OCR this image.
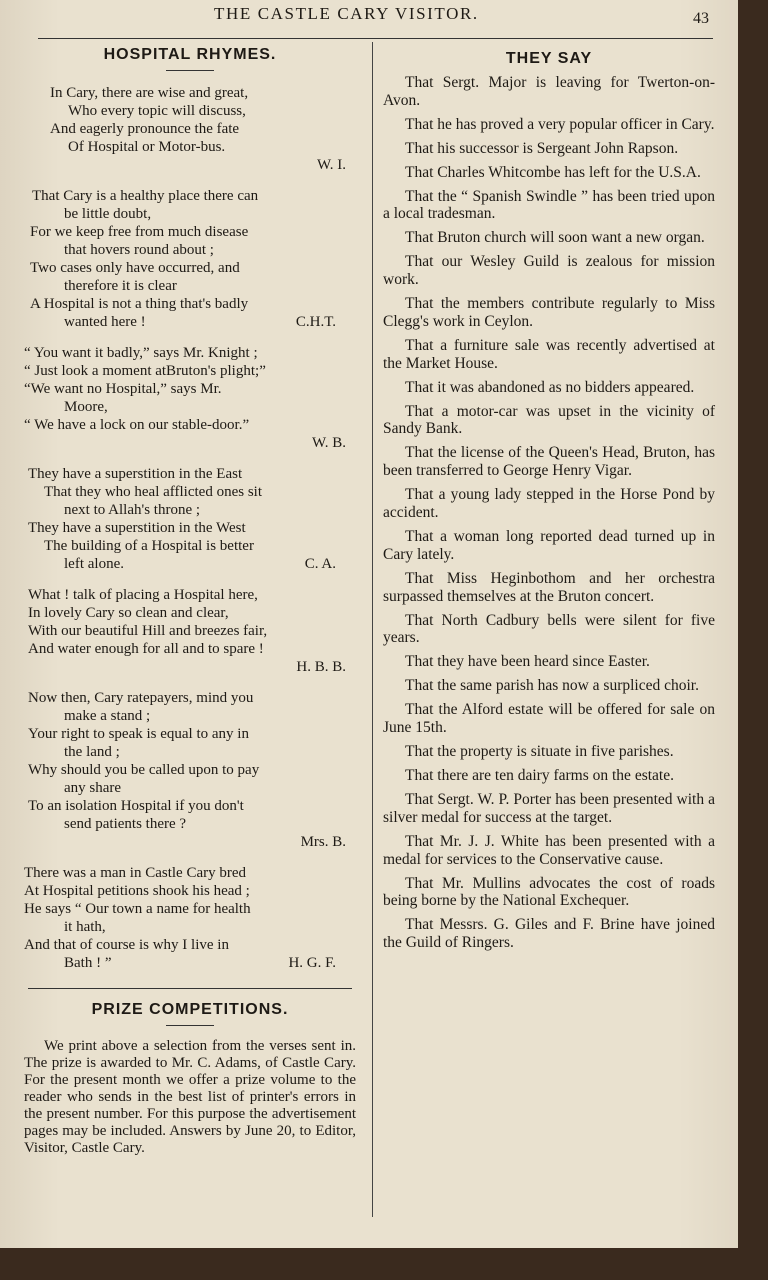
THE CASTLE CARY VISITOR.	43
HOSPITAL RHYMES.
In Cary, there are wise and great,
Who every topic will discuss,
And eagerly pronounce the fate
Of Hospital or Motor-bus.
W. I.
That Cary is a healthy place there can
be little doubt,
For we keep free from much disease
that hovers round about ;
Two cases only have occurred, and
therefore it is clear
A Hospital is not a thing that's badly
wanted here !	C.H.T.
“ You want it badly,” says Mr. Knight ;
“ Just look a moment atBruton's plight;”
“We want no Hospital,” says Mr.
Moore,
“ We have a lock on our stable-door.”
W. B.
They have a superstition in the East
That they who heal afflicted ones sit
next to Allah's throne ;
They have a superstition in the West
The building of a Hospital is better
left alone.	C. A.
What ! talk of placing a Hospital here,
In lovely Cary so clean and clear,
With our beautiful Hill and breezes fair,
And water enough for all and to spare !
H. B. B.
Now then, Cary ratepayers, mind you
make a stand ;
Your right to speak is equal to any in
the land ;
Why should you be called upon to pay
any share
To an isolation Hospital if you don't
send patients there ?
Mrs. B.
There was a man in Castle Cary bred
At Hospital petitions shook his head ;
He says “ Our town a name for health
it hath,
And that of course is why I live in
Bath ! ”	H. G. F.
PRIZE COMPETITIONS.

We print above a selection from the verses sent in. The prize is awarded to Mr. C. Adams, of Castle Cary. For the present month we offer a prize volume to the reader who sends in the best list of printer's errors in the present number. For this purpose the advertisement pages may be included. Answers by June 20, to Editor, Visitor, Castle Cary.

THEY SAY
That Sergt. Major is leaving for Twerton-on-Avon.
That he has proved a very popular officer in Cary.
That his successor is Sergeant John Rapson.
That Charles Whitcombe has left for the U.S.A.
That the “ Spanish Swindle ” has been tried upon a local tradesman.
That Bruton church will soon want a new organ.
That our Wesley Guild is zealous for mission work.
That the members contribute regularly to Miss Clegg's work in Ceylon.
That a furniture sale was recently advertised at the Market House.
That it was abandoned as no bidders appeared.
That a motor-car was upset in the vicinity of Sandy Bank.
That the license of the Queen's Head, Bruton, has been transferred to George Henry Vigar.
That a young lady stepped in the Horse Pond by accident.
That a woman long reported dead turned up in Cary lately.
That Miss Heginbothom and her orchestra surpassed themselves at the Bruton concert.
That North Cadbury bells were silent for five years.
That they have been heard since Easter.
That the same parish has now a surpliced choir.
That the Alford estate will be offered for sale on June 15th.
That the property is situate in five parishes.
That there are ten dairy farms on the estate.
That Sergt. W. P. Porter has been presented with a silver medal for success at the target.
That Mr. J. J. White has been presented with a medal for services to the Conservative cause.
That Mr. Mullins advocates the cost of roads being borne by the National Exchequer.
That Messrs. G. Giles and F. Brine have joined the Guild of Ringers.
